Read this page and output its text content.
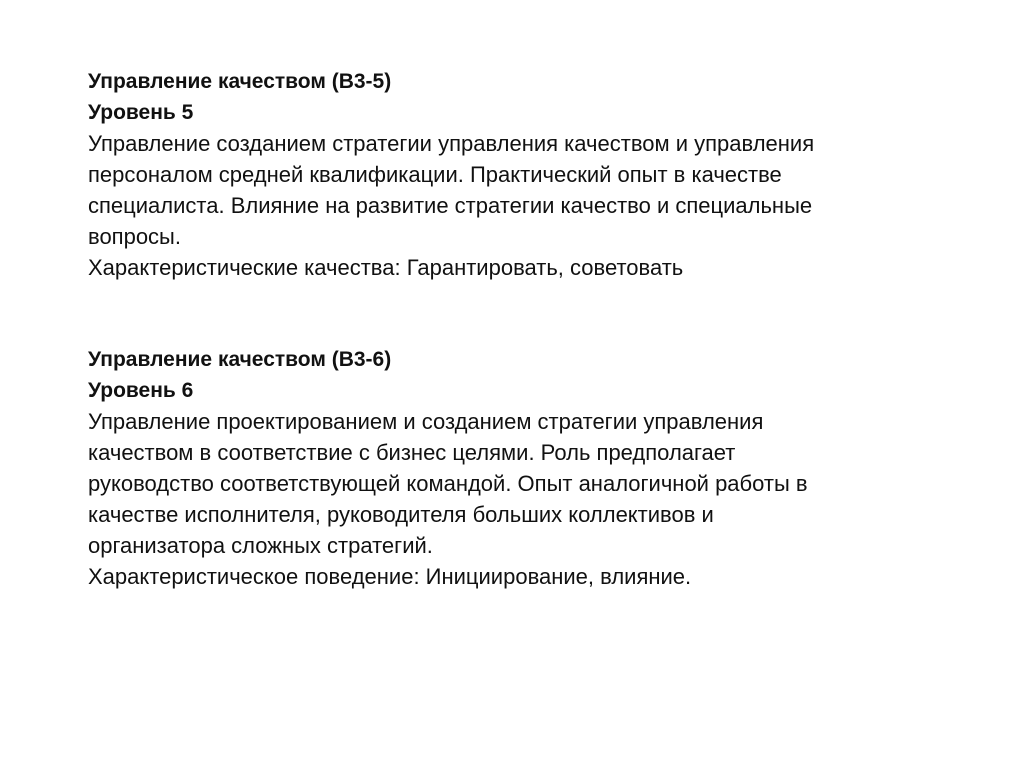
Управление качеством (B3-5)
Уровень 5
Управление созданием стратегии управления качеством и управления
персоналом средней квалификации. Практический опыт в качестве
специалиста. Влияние на развитие стратегии качество и специальные
вопросы.
Характеристические качества: Гарантировать, советовать
Управление качеством (B3-6)
Уровень 6
Управление проектированием и созданием стратегии управления
качеством в соответствие с бизнес целями. Роль предполагает
руководство соответствующей командой. Опыт аналогичной работы в
качестве исполнителя, руководителя больших коллективов и
организатора сложных стратегий.
Характеристическое поведение: Инициирование, влияние.
